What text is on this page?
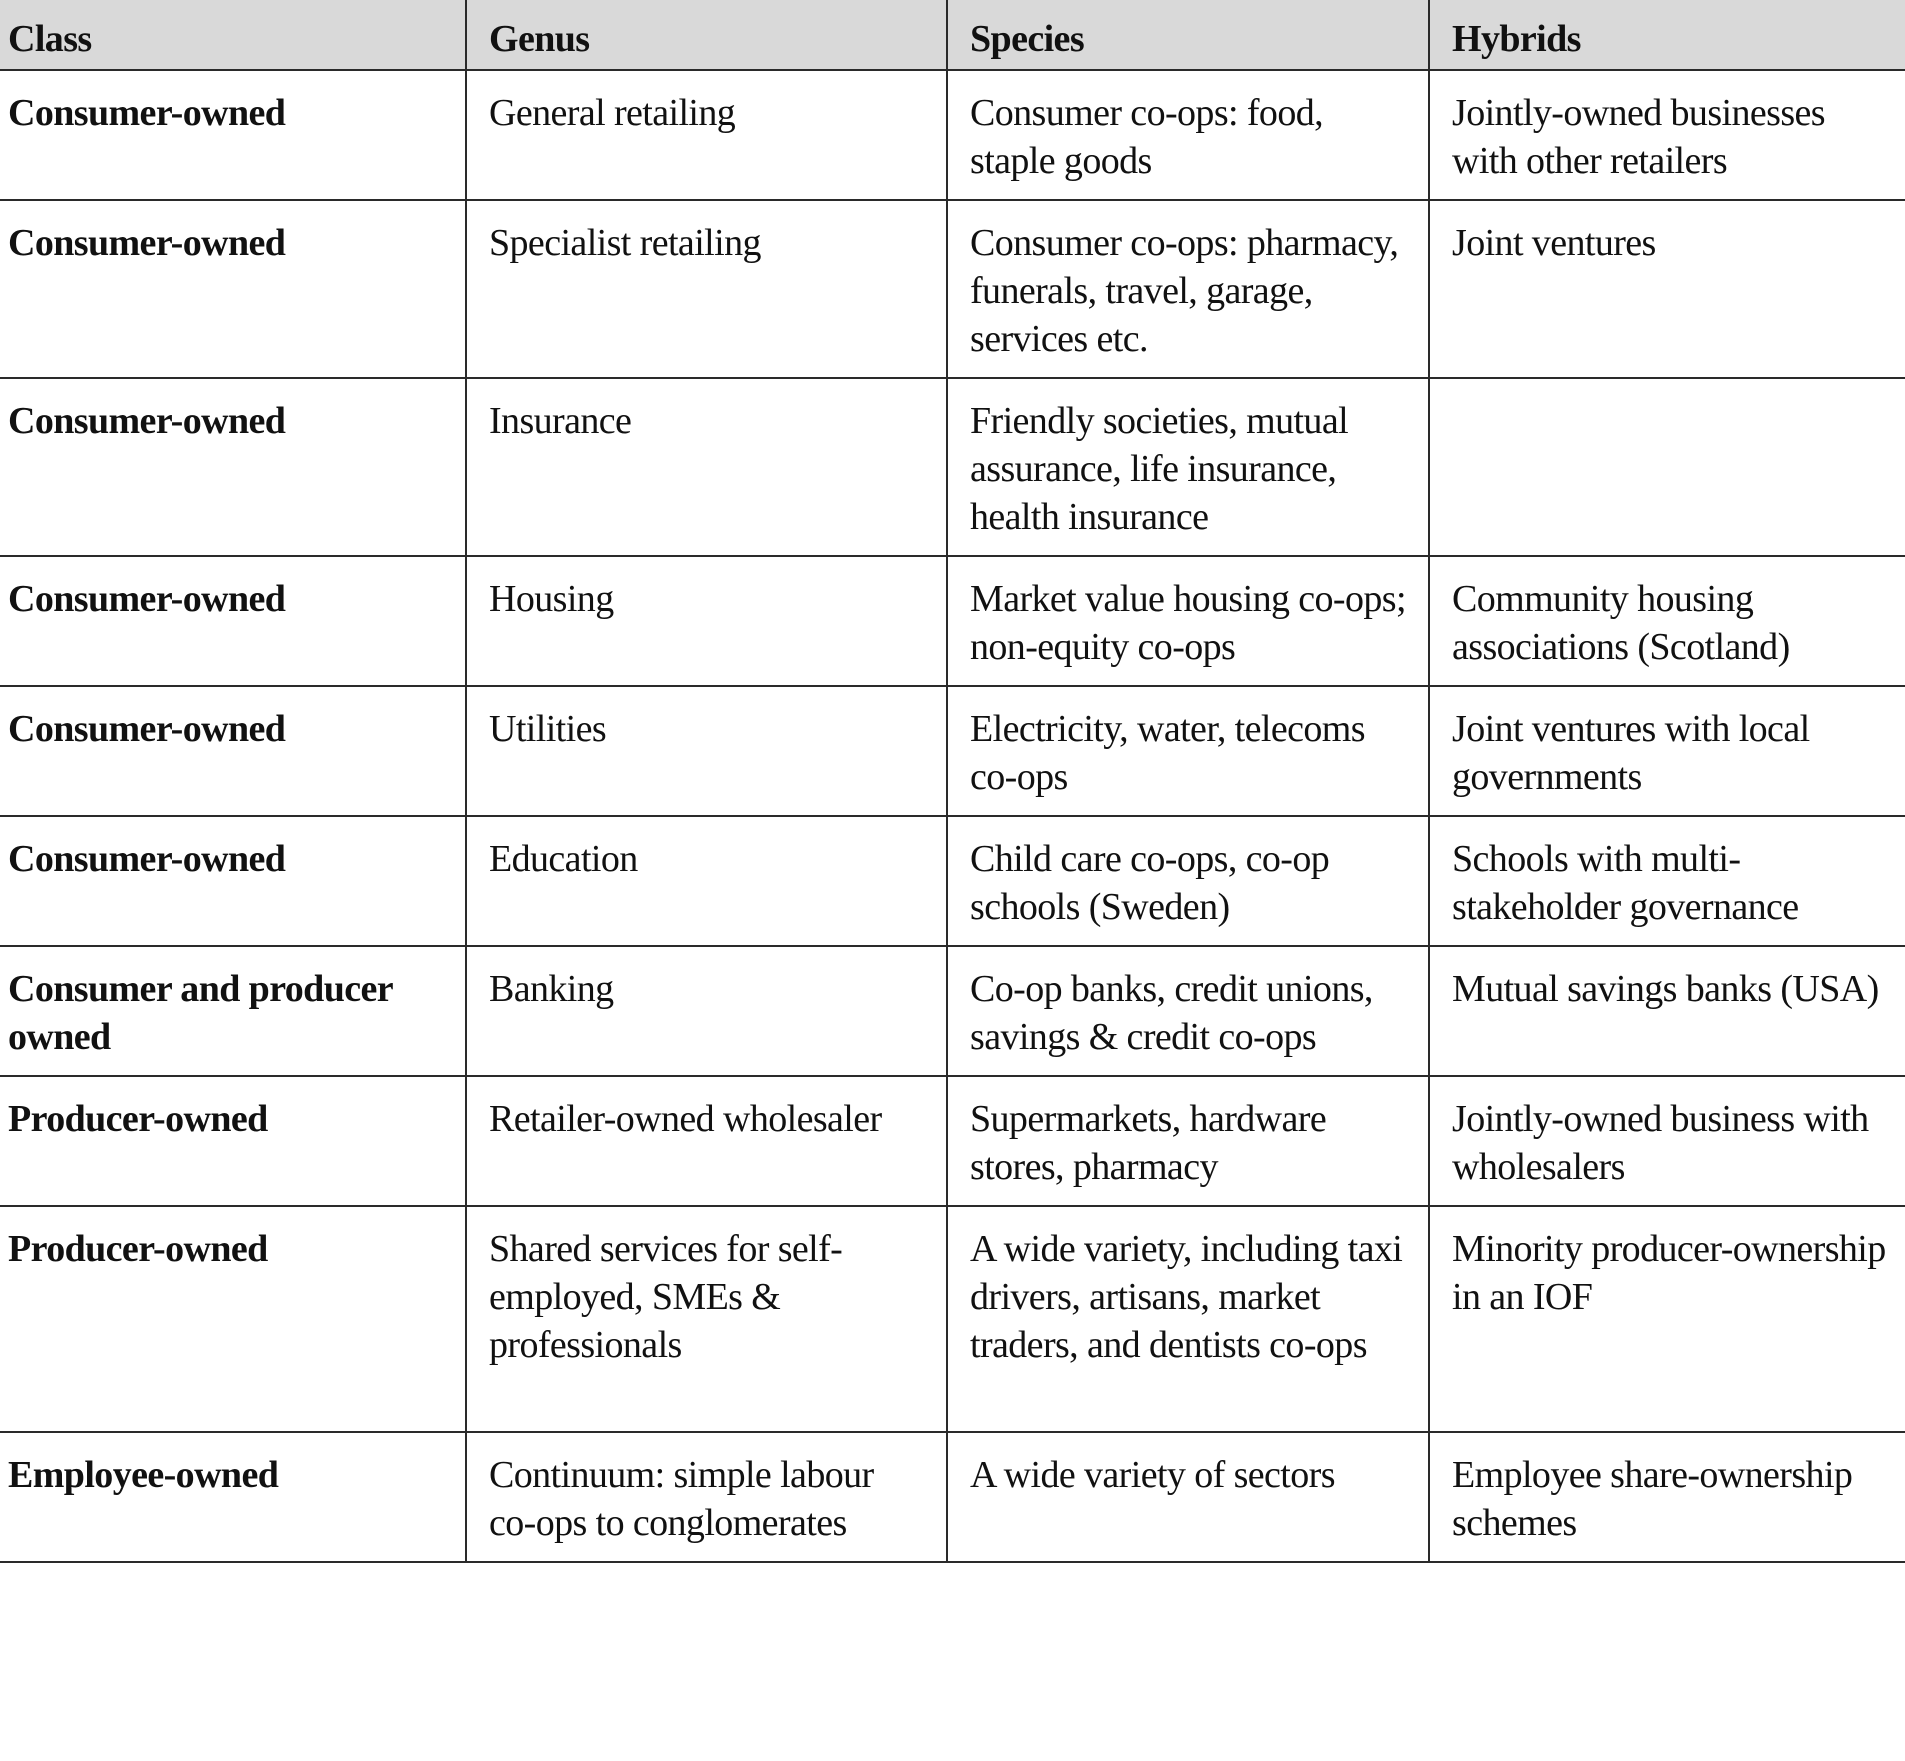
Class	Genus	Species	Hybrids
Consumer-owned	General retailing	Consumer co-ops: food, staple goods	Jointly-owned businesses with other retailers
Consumer-owned	Specialist retailing	Consumer co-ops: pharmacy, funerals, travel, garage, services etc.	Joint ventures
Consumer-owned	Insurance	Friendly societies, mutual assurance, life insurance, health insurance	
Consumer-owned	Housing	Market value housing co-ops; non-equity co-ops	Community housing associations (Scotland)
Consumer-owned	Utilities	Electricity, water, telecoms co-ops	Joint ventures with local governments
Consumer-owned	Education	Child care co-ops, co-op schools (Sweden)	Schools with multi-stakeholder governance
Consumer and producer owned	Banking	Co-op banks, credit unions, savings & credit co-ops	Mutual savings banks (USA)
Producer-owned	Retailer-owned wholesaler	Supermarkets, hardware stores, pharmacy	Jointly-owned business with wholesalers
Producer-owned	Shared services for self-employed, SMEs & professionals	A wide variety, including taxi drivers, artisans, market traders, and dentists co-ops	Minority producer-ownership in an IOF
Employee-owned	Continuum: simple labour co-ops to conglomerates	A wide variety of sectors	Employee share-ownership schemes
